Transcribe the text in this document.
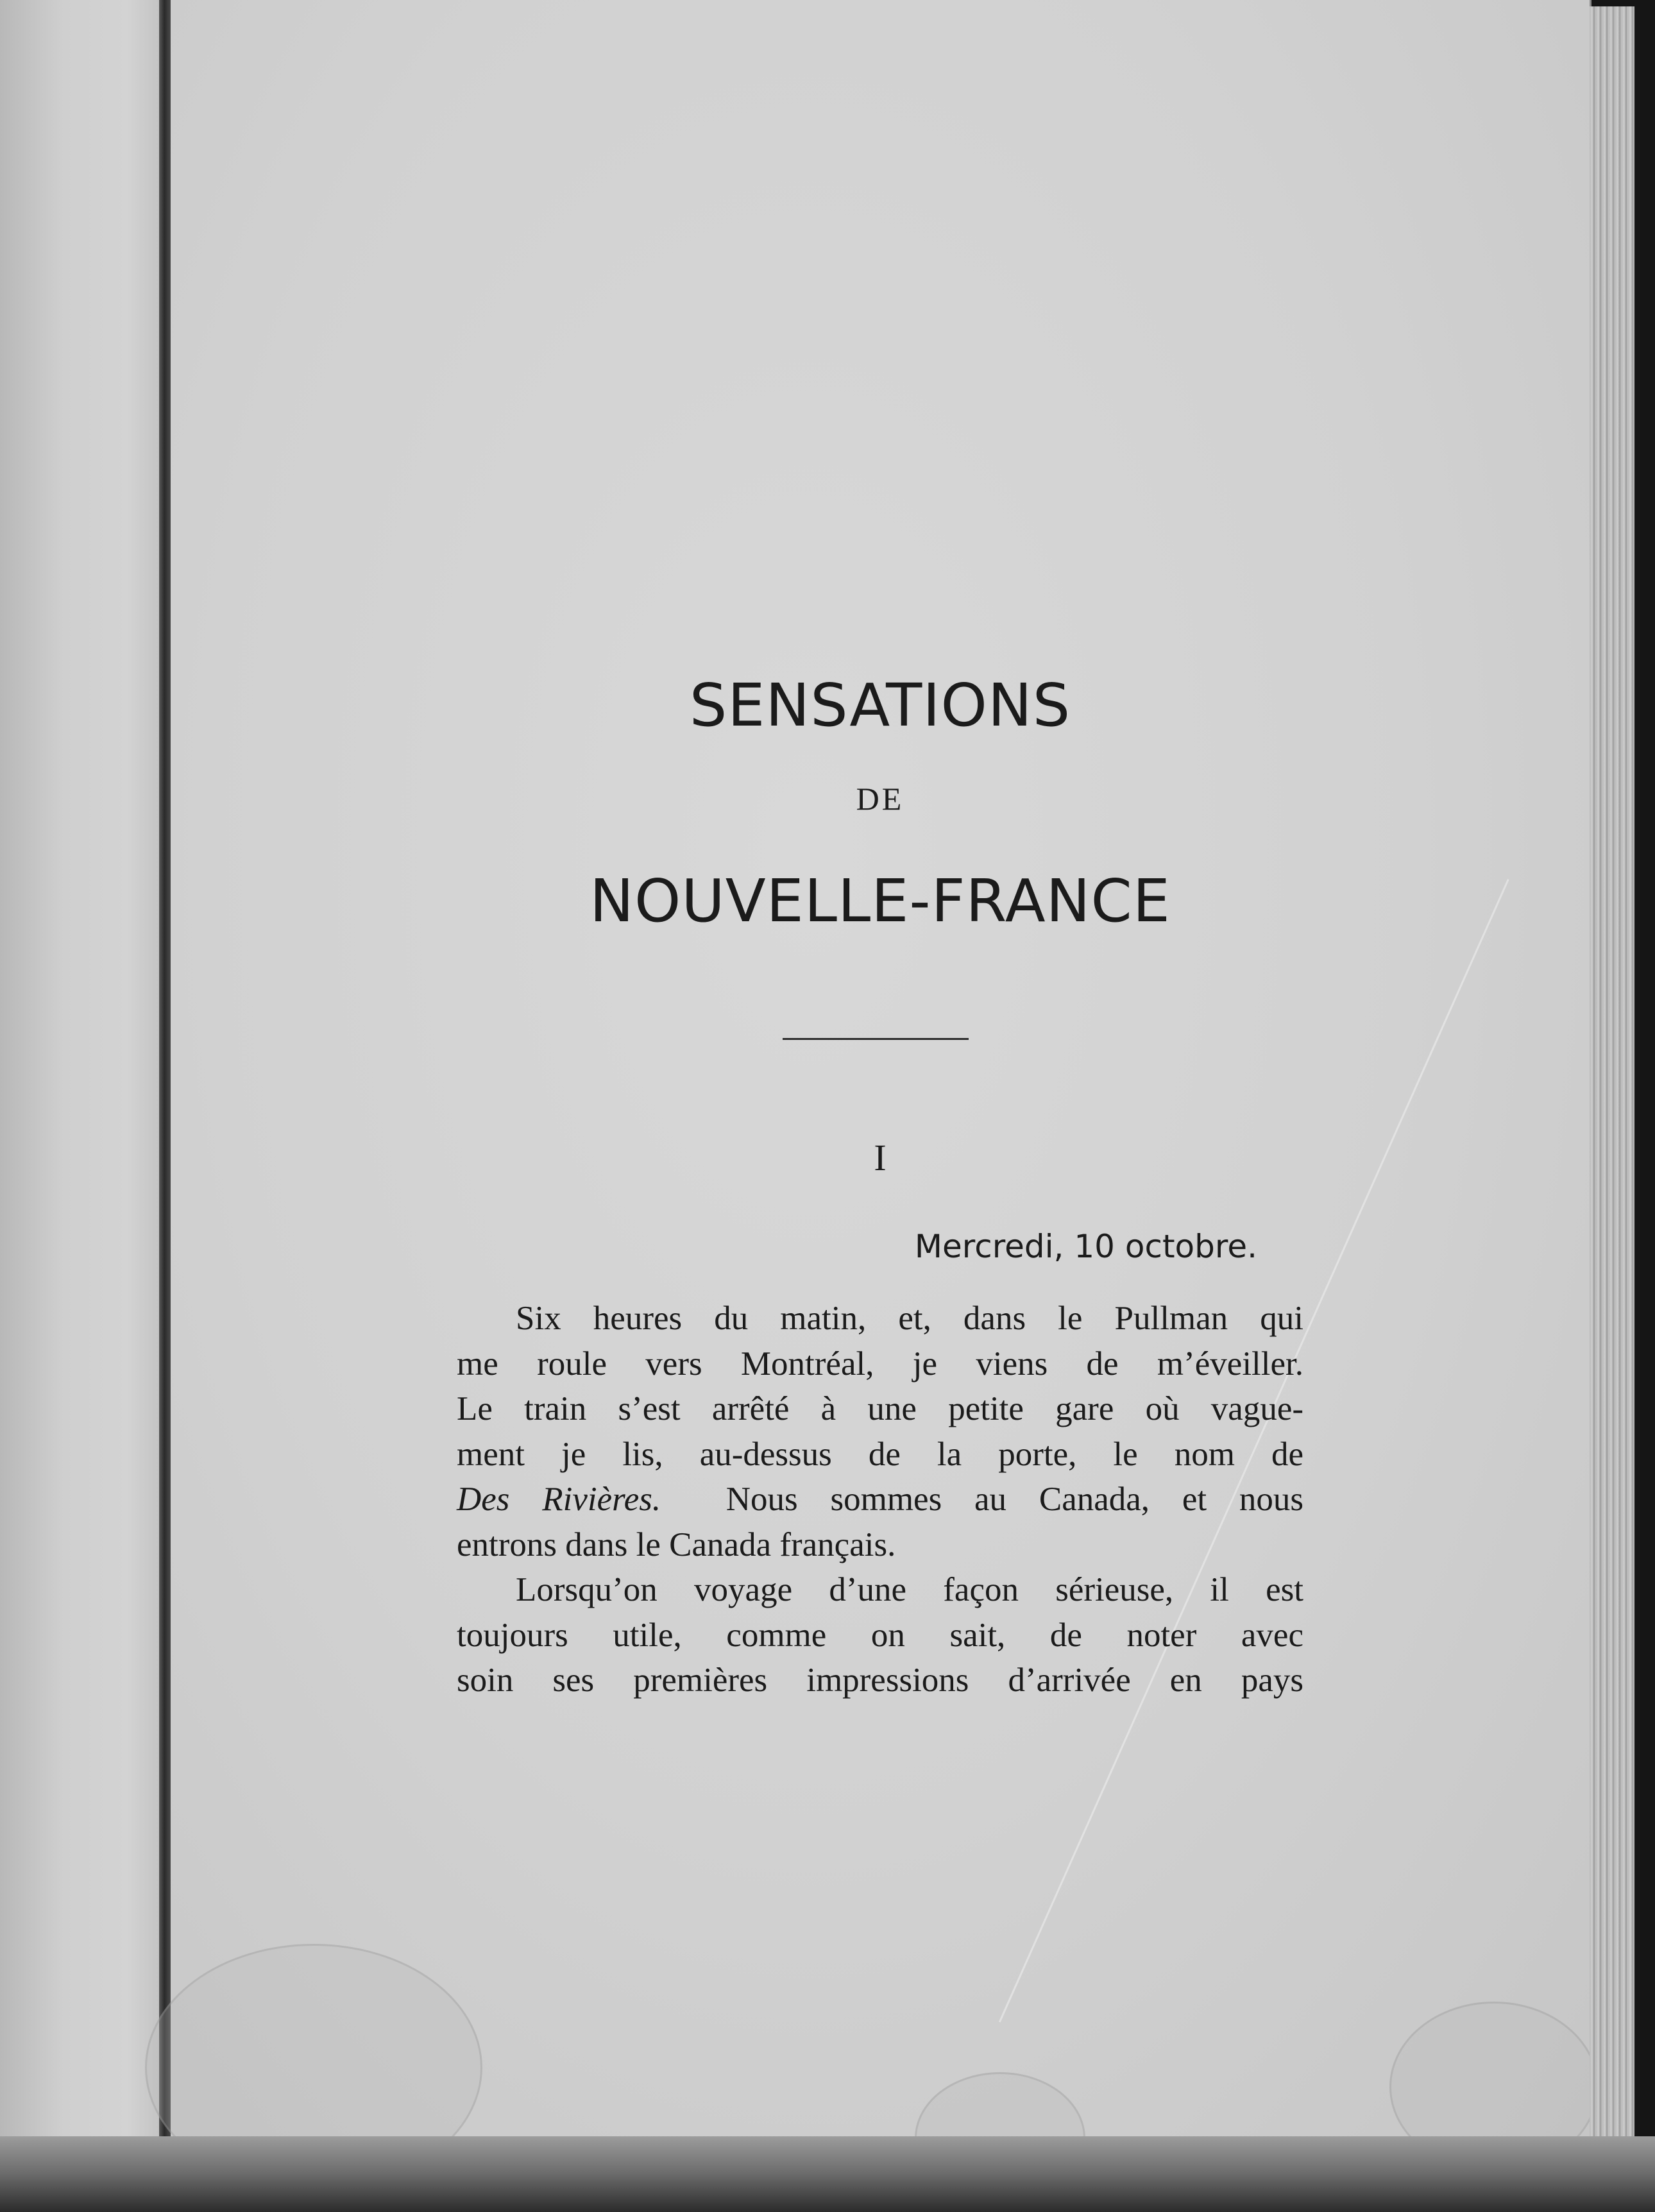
SENSATIONS
DE
NOUVELLE-FRANCE
I
Mercredi, 10 octobre.
Six heures du matin, et, dans le Pullman qui
me roule vers Montréal, je viens de m’éveiller.
Le train s’est arrêté à une petite gare où vague-
ment je lis, au-dessus de la porte, le nom de
Des Rivières. Nous sommes au Canada, et nous
entrons dans le Canada français.
Lorsqu’on voyage d’une façon sérieuse, il est
toujours utile, comme on sait, de noter avec
soin ses premières impressions d’arrivée en pays
